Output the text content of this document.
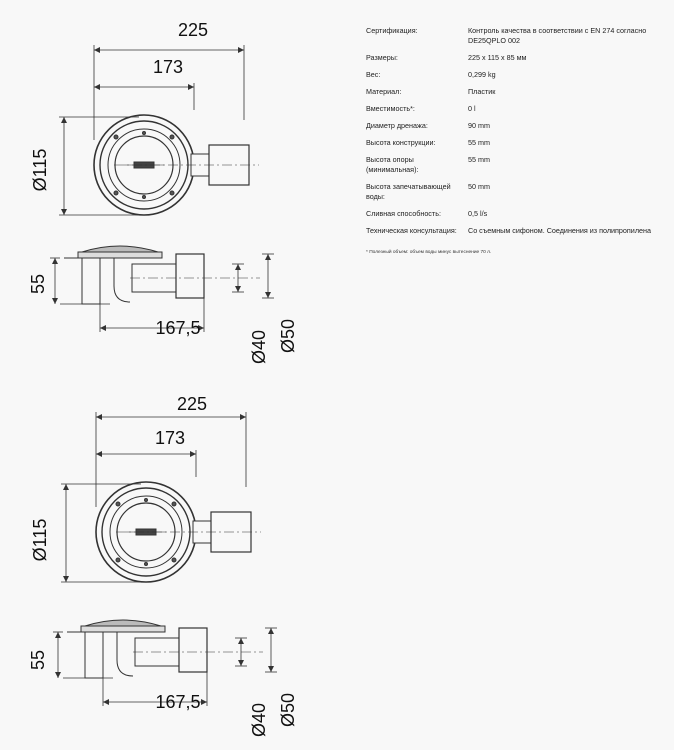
225
173
Ø115
55
167,5
Ø40 Ø50
225
173
Ø115
55
167,5
Ø40 Ø50
Сертификация:	Контроль качества в соответствии с EN 274 согласно DE25QPLO 002
Размеры:	225 x 115 x 85 мм
Вес:	0,299 kg
Материал:	Пластик
Вместимость*:	0 l
Диаметр дренажа:	90 mm
Высота конструкции:	55 mm
Высота опоры (минимальная):
55 mm
Высота запечатывающей воды:
50 mm
Сливная способность:	0,5 l/s
Техническая консультация:	Со съемным сифоном. Соединения из полипропилена
* Полезный объем: объем воды минус вытеснение 70 л.
